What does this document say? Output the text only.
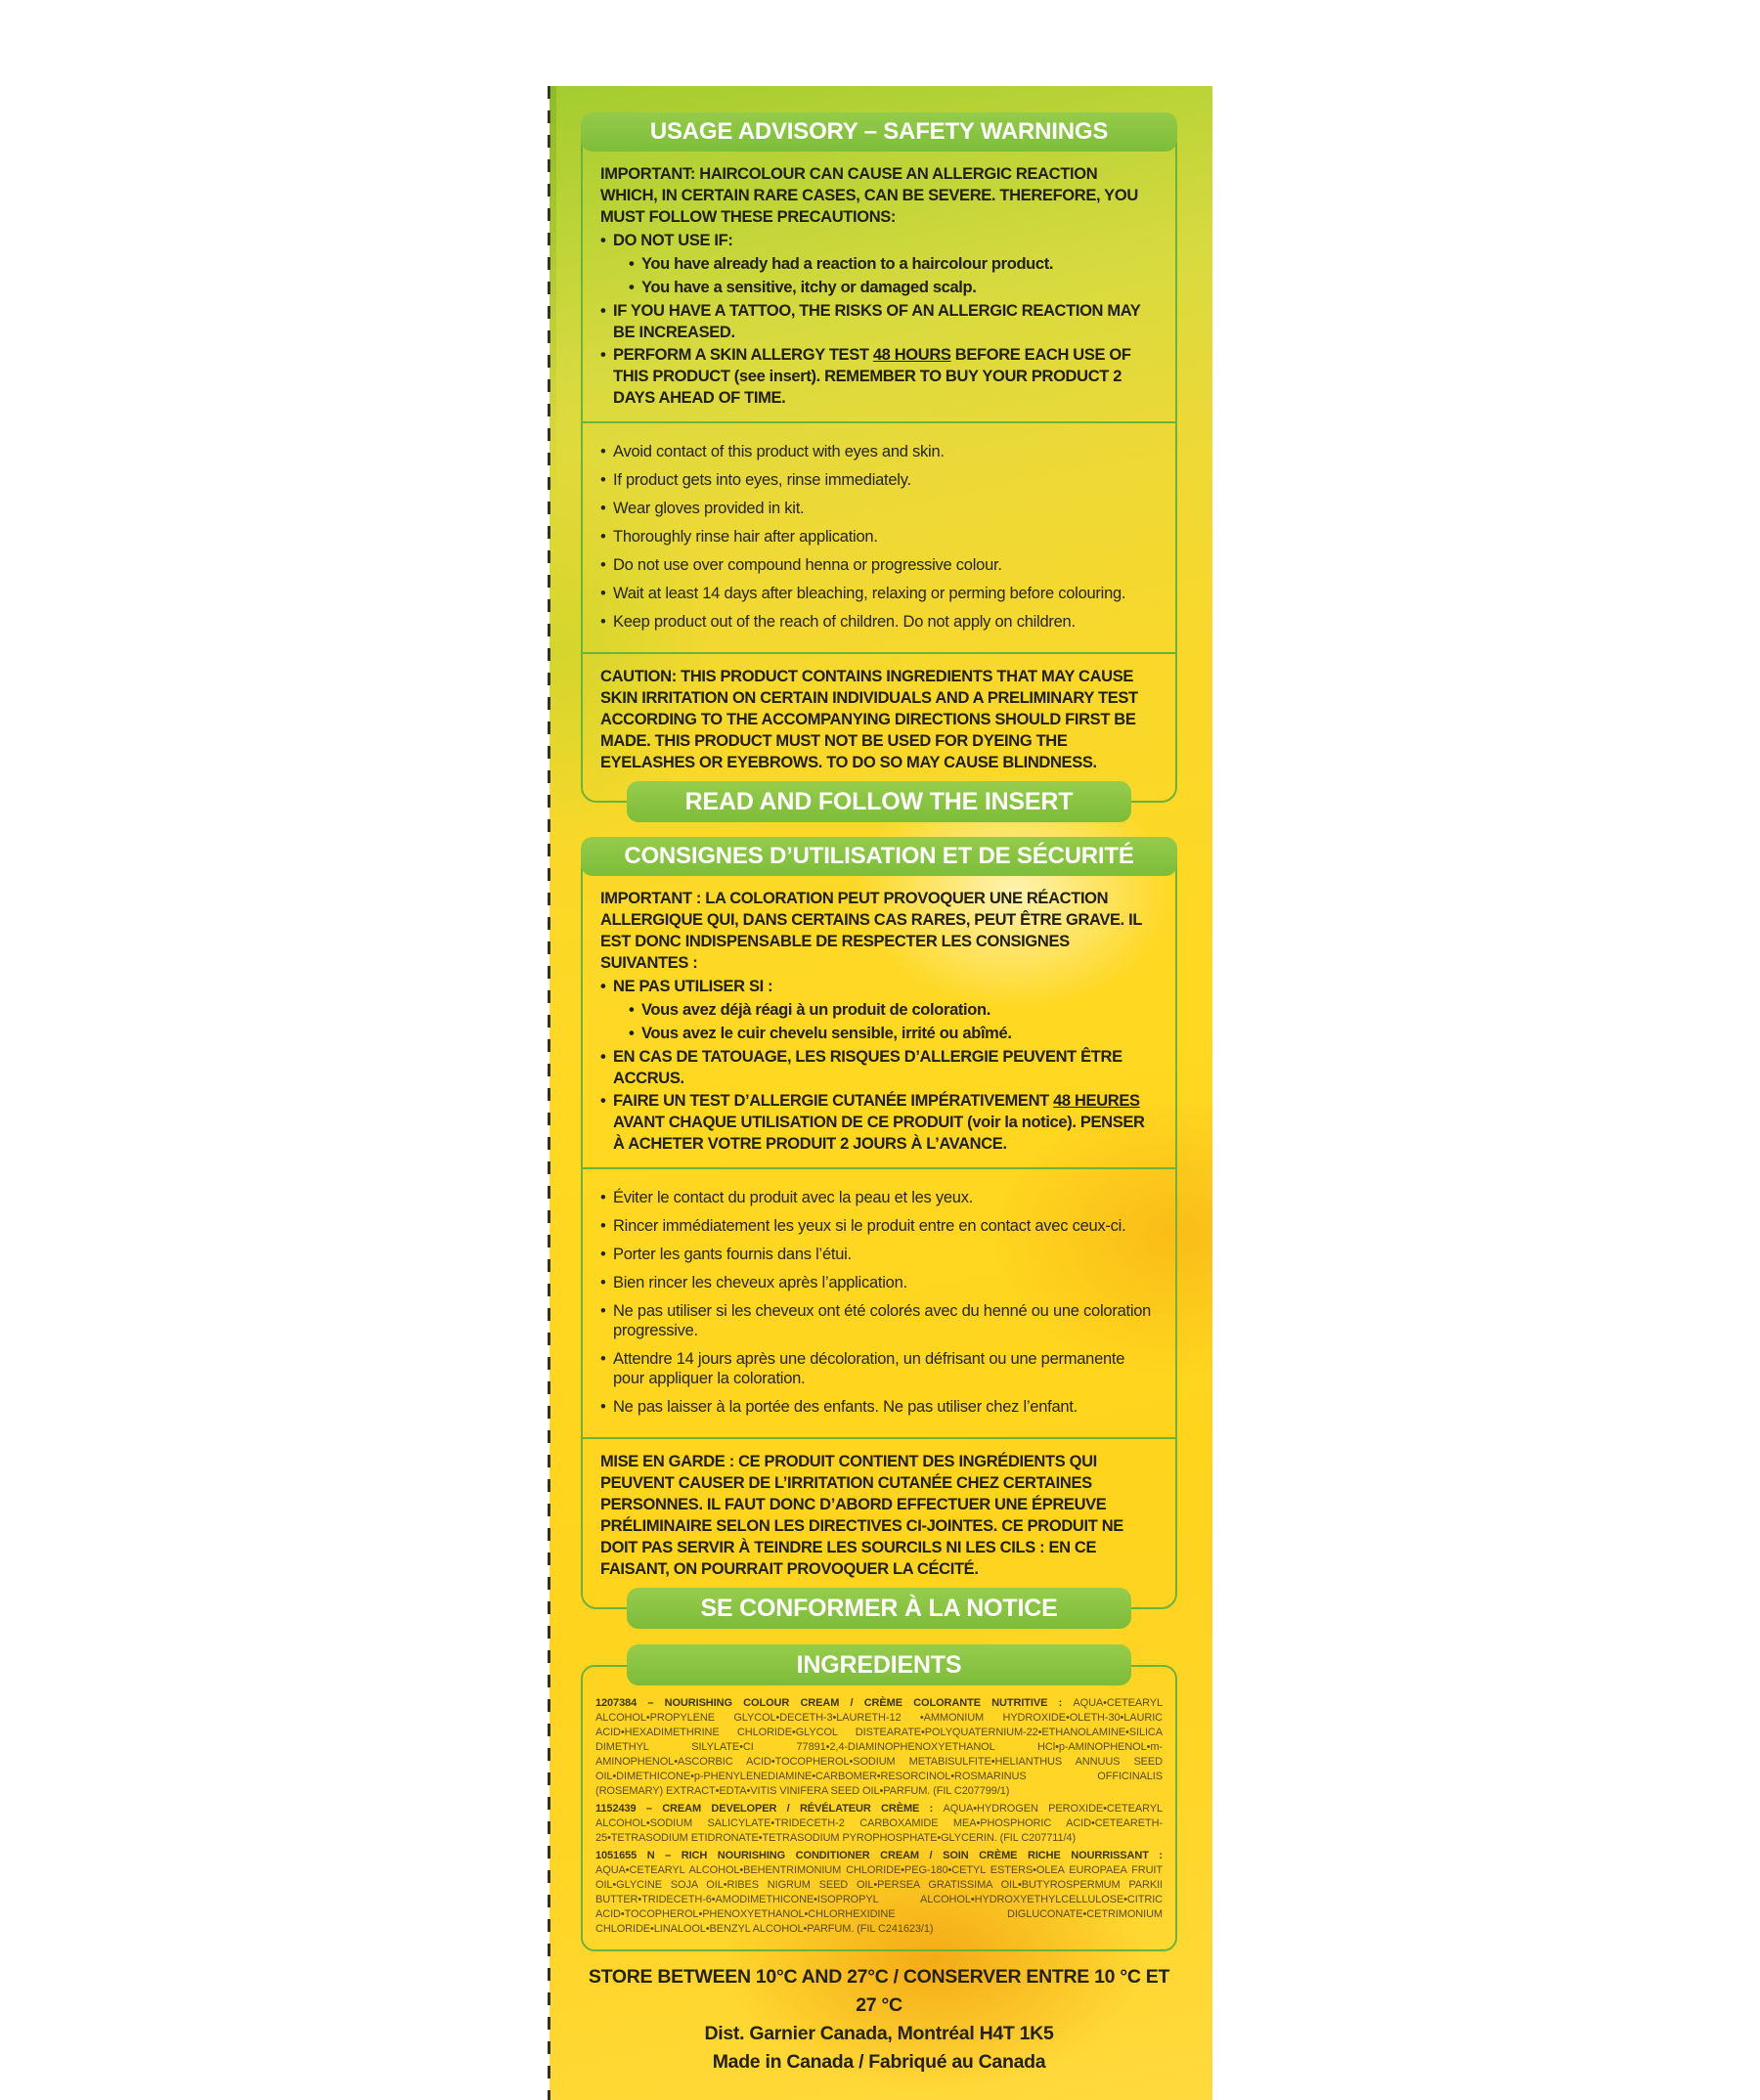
USAGE ADVISORY – SAFETY WARNINGS

IMPORTANT: HAIRCOLOUR CAN CAUSE AN ALLERGIC REACTION WHICH, IN CERTAIN RARE CASES, CAN BE SEVERE. THEREFORE, YOU MUST FOLLOW THESE PRECAUTIONS:

• DO NOT USE IF:
• You have already had a reaction to a haircolour product.
• You have a sensitive, itchy or damaged scalp.
• IF YOU HAVE A TATTOO, THE RISKS OF AN ALLERGIC REACTION MAY BE INCREASED.
• PERFORM A SKIN ALLERGY TEST 48 HOURS BEFORE EACH USE OF THIS PRODUCT (see insert). REMEMBER TO BUY YOUR PRODUCT 2 DAYS AHEAD OF TIME.
• Avoid contact of this product with eyes and skin.
• If product gets into eyes, rinse immediately.
• Wear gloves provided in kit.
• Thoroughly rinse hair after application.
• Do not use over compound henna or progressive colour.
• Wait at least 14 days after bleaching, relaxing or perming before colouring.
• Keep product out of the reach of children. Do not apply on children.

CAUTION: THIS PRODUCT CONTAINS INGREDIENTS THAT MAY CAUSE SKIN IRRITATION ON CERTAIN INDIVIDUALS AND A PRELIMINARY TEST ACCORDING TO THE ACCOMPANYING DIRECTIONS SHOULD FIRST BE MADE. THIS PRODUCT MUST NOT BE USED FOR DYEING THE EYELASHES OR EYEBROWS. TO DO SO MAY CAUSE BLINDNESS.

READ AND FOLLOW THE INSERT
CONSIGNES D’UTILISATION ET DE SÉCURITÉ

IMPORTANT : LA COLORATION PEUT PROVOQUER UNE RÉACTION ALLERGIQUE QUI, DANS CERTAINS CAS RARES, PEUT ÊTRE GRAVE. IL EST DONC INDISPENSABLE DE RESPECTER LES CONSIGNES SUIVANTES :

• NE PAS UTILISER SI :
• Vous avez déjà réagi à un produit de coloration.
• Vous avez le cuir chevelu sensible, irrité ou abîmé.
• EN CAS DE TATOUAGE, LES RISQUES D’ALLERGIE PEUVENT ÊTRE ACCRUS.
• FAIRE UN TEST D’ALLERGIE CUTANÉE IMPÉRATIVEMENT 48 HEURES AVANT CHAQUE UTILISATION DE CE PRODUIT (voir la notice). PENSER À ACHETER VOTRE PRODUIT 2 JOURS À L’AVANCE.
• Éviter le contact du produit avec la peau et les yeux.
• Rincer immédiatement les yeux si le produit entre en contact avec ceux-ci.
• Porter les gants fournis dans l’étui.
• Bien rincer les cheveux après l’application.
• Ne pas utiliser si les cheveux ont été colorés avec du henné ou une coloration progressive.
• Attendre 14 jours après une décoloration, un défrisant ou une permanente pour appliquer la coloration.
• Ne pas laisser à la portée des enfants. Ne pas utiliser chez l’enfant.

MISE EN GARDE : CE PRODUIT CONTIENT DES INGRÉDIENTS QUI PEUVENT CAUSER DE L’IRRITATION CUTANÉE CHEZ CERTAINES PERSONNES. IL FAUT DONC D’ABORD EFFECTUER UNE ÉPREUVE PRÉLIMINAIRE SELON LES DIRECTIVES CI-JOINTES. CE PRODUIT NE DOIT PAS SERVIR À TEINDRE LES SOURCILS NI LES CILS : EN CE FAISANT, ON POURRAIT PROVOQUER LA CÉCITÉ.

SE CONFORMER À LA NOTICE
INGREDIENTS

1207384 – NOURISHING COLOUR CREAM / CRÈME COLORANTE NUTRITIVE : AQUA•CETEARYL ALCOHOL•PROPYLENE GLYCOL•DECETH-3•LAURETH-12 •AMMONIUM HYDROXIDE•OLETH-30•LAURIC ACID•HEXADIMETHRINE CHLORIDE•GLYCOL DISTEARATE•POLYQUATERNIUM-22•ETHANOLAMINE•SILICA DIMETHYL SILYLATE•CI 77891•2,4-DIAMINOPHENOXYETHANOL HCl•p-AMINOPHENOL•m-AMINOPHENOL•ASCORBIC ACID•TOCOPHEROL•SODIUM METABISULFITE•HELIANTHUS ANNUUS SEED OIL•DIMETHICONE•p-PHENYLENEDIAMINE•CARBOMER•RESORCINOL•ROSMARINUS OFFICINALIS (ROSEMARY) EXTRACT•EDTA•VITIS VINIFERA SEED OIL•PARFUM. (FIL C207799/1)

1152439 – CREAM DEVELOPER / RÉVÉLATEUR CRÈME : AQUA•HYDROGEN PEROXIDE•CETEARYL ALCOHOL•SODIUM SALICYLATE•TRIDECETH-2 CARBOXAMIDE MEA•PHOSPHORIC ACID•CETEARETH-25•TETRASODIUM ETIDRONATE•TETRASODIUM PYROPHOSPHATE•GLYCERIN. (FIL C207711/4)

1051655 N – RICH NOURISHING CONDITIONER CREAM / SOIN CRÈME RICHE NOURRISSANT : AQUA•CETEARYL ALCOHOL•BEHENTRIMONIUM CHLORIDE•PEG-180•CETYL ESTERS•OLEA EUROPAEA FRUIT OIL•GLYCINE SOJA OIL•RIBES NIGRUM SEED OIL•PERSEA GRATISSIMA OIL•BUTYROSPERMUM PARKII BUTTER•TRIDECETH-6•AMODIMETHICONE•ISOPROPYL ALCOHOL•HYDROXYETHYLCELLULOSE•CITRIC ACID•TOCOPHEROL•PHENOXYETHANOL•CHLORHEXIDINE DIGLUCONATE•CETRIMONIUM CHLORIDE•LINALOOL•BENZYL ALCOHOL•PARFUM. (FIL C241623/1)

STORE BETWEEN 10°C AND 27°C / CONSERVER ENTRE 10 °C ET 27 °C
Dist. Garnier Canada, Montréal H4T 1K5
Made in Canada / Fabriqué au Canada
